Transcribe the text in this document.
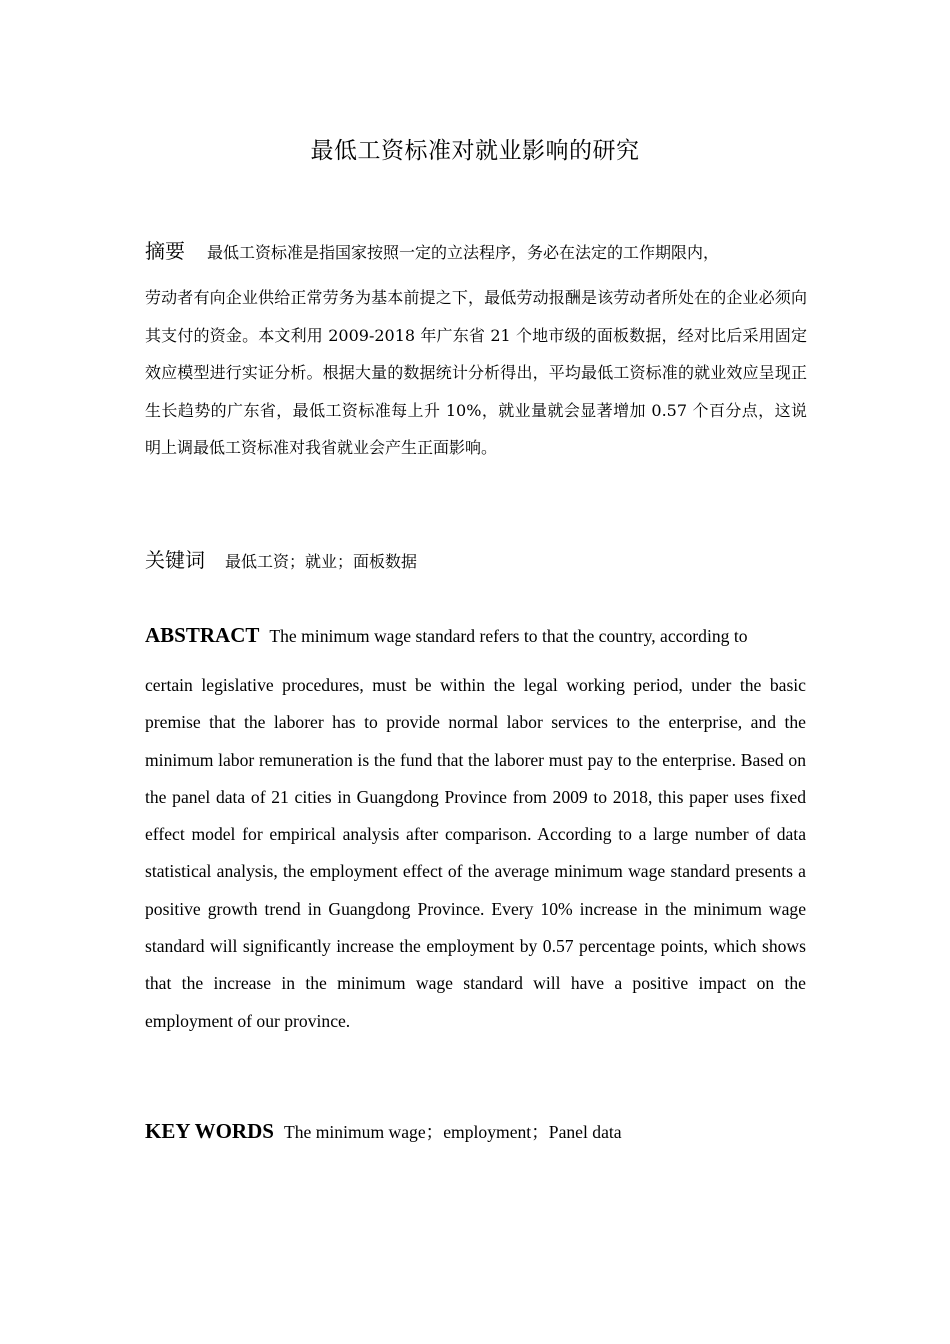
最低工资标准对就业影响的研究
摘要 最低工资标准是指国家按照一定的立法程序，务必在法定的工作期限内，
劳动者有向企业供给正常劳务为基本前提之下，最低劳动报酬是该劳动者所处在的企业必须向其支付的资金。本文利用 2009-2018 年广东省 21 个地市级的面板数据，经对比后采用固定效应模型进行实证分析。根据大量的数据统计分析得出，平均最低工资标准的就业效应呈现正生长趋势的广东省，最低工资标准每上升 10%，就业量就会显著增加 0.57 个百分点，这说明上调最低工资标准对我省就业会产生正面影响。
关键词 最低工资；就业；面板数据
ABSTRACT The minimum wage standard refers to that the country, according to
certain legislative procedures, must be within the legal working period, under the basic premise that the laborer has to provide normal labor services to the enterprise, and the minimum labor remuneration is the fund that the laborer must pay to the enterprise. Based on the panel data of 21 cities in Guangdong Province from 2009 to 2018, this paper uses fixed effect model for empirical analysis after comparison. According to a large number of data statistical analysis, the employment effect of the average minimum wage standard presents a positive growth trend in Guangdong Province. Every 10% increase in the minimum wage standard will significantly increase the employment by 0.57 percentage points, which shows that the increase in the minimum wage standard will have a positive impact on the employment of our province.
KEY WORDS The minimum wage；employment；Panel data
